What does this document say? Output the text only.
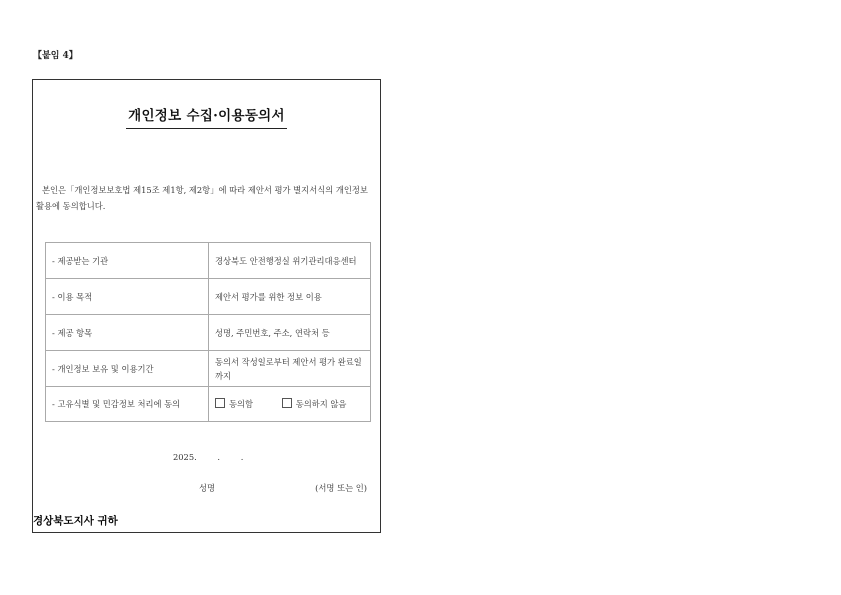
【붙임 4】
개인정보 수집·이용동의서
본인은「개인정보보호법 제15조 제1항, 제2항」에 따라 제안서 평가 별지서식의 개인정보 활용에 동의합니다.
- 제공받는 기관	경상북도 안전행정실 위기관리대응센터
- 이용 목적	제안서 평가를 위한 정보 이용
- 제공 항목	성명, 주민번호, 주소, 연락처 등
- 개인정보 보유 및 이용기간	동의서 작성일로부터 제안서 평가 완료일 까지
- 고유식별 및 민감정보 처리에 동의	동의함 동의하지 않음
2025. . .
성명	(서명 또는 인)
경상북도지사 귀하
